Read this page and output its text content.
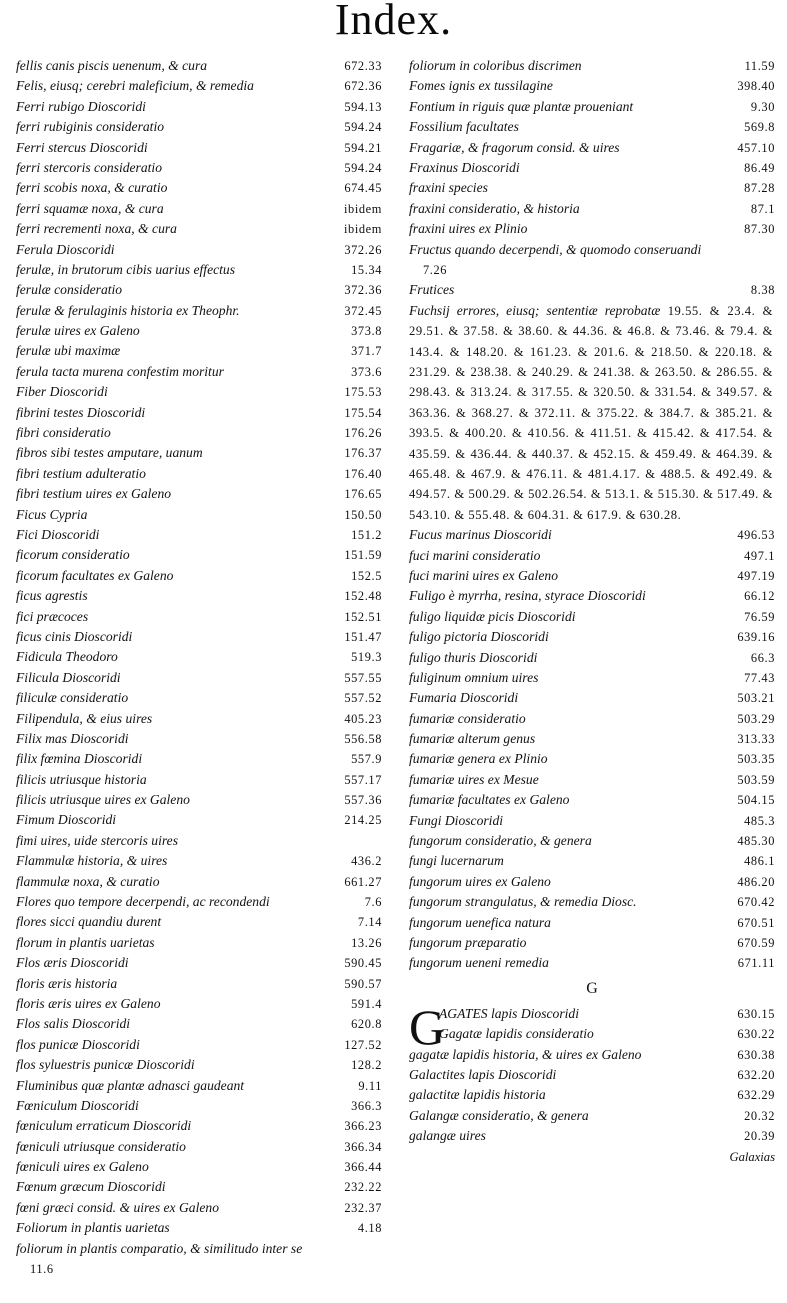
Index.
fellis canis piscis uenenum, & cura	672.33
Felis, eiusq; cerebri maleficium, & remedia	672.36
Ferri rubigo Dioscoridi	594.13
ferri rubiginis consideratio	594.24
Ferri stercus Dioscoridi	594.21
ferri stercoris consideratio	594.24
ferri scobis noxa, & curatio	674.45
ferri squamæ noxa, & cura	ibidem
ferri recrementi noxa, & cura	ibidem
Ferula Dioscoridi	372.26
ferulæ, in brutorum cibis uarius effectus	15.34
ferulæ consideratio	372.36
ferulæ & ferulaginis historia ex Theophr.	372.45
ferulæ uires ex Galeno	373.8
ferulæ ubi maximæ	371.7
ferula tacta murena confestim moritur	373.6
Fiber Dioscoridi	175.53
fibrini testes Dioscoridi	175.54
fibri consideratio	176.26
fibros sibi testes amputare, uanum	176.37
fibri testium adulteratio	176.40
fibri testium uires ex Galeno	176.65
Ficus Cypria	150.50
Fici Dioscoridi	151.2
ficorum consideratio	151.59
ficorum facultates ex Galeno	152.5
ficus agrestis	152.48
fici præcoces	152.51
ficus cinis Dioscoridi	151.47
Fidicula Theodoro	519.3
Filicula Dioscoridi	557.55
filiculæ consideratio	557.52
Filipendula, & eius uires	405.23
Filix mas Dioscoridi	556.58
filix fœmina Dioscoridi	557.9
filicis utriusque historia	557.17
filicis utriusque uires ex Galeno	557.36
Fimum Dioscoridi	214.25
fimi uires, uide stercoris uires
Flammulæ historia, & uires	436.2
flammulæ noxa, & curatio	661.27
Flores quo tempore decerpendi, ac recondendi	7.6
flores sicci quandiu durent	7.14
florum in plantis uarietas	13.26
Flos æris Dioscoridi	590.45
floris æris historia	590.57
floris æris uires ex Galeno	591.4
Flos salis Dioscoridi	620.8
flos punicæ Dioscoridi	127.52
flos syluestris punicæ Dioscoridi	128.2
Fluminibus quæ plantæ adnasci gaudeant	9.11
Fœniculum Dioscoridi	366.3
fœniculum erraticum Dioscoridi	366.23
fœniculi utriusque consideratio	366.34
fœniculi uires ex Galeno	366.44
Fœnum græcum Dioscoridi	232.22
fœni græci consid. & uires ex Galeno	232.37
Foliorum in plantis uarietas	4.18
foliorum in plantis comparatio, & similitudo inter se
11.6
foliorum in coloribus discrimen	11.59
Fomes ignis ex tussilagine	398.40
Fontium in riguis quæ plantæ proueniant	9.30
Fossilium facultates	569.8
Fragariæ, & fragorum consid. & uires	457.10
Fraxinus Dioscoridi	86.49
fraxini species	87.28
fraxini consideratio, & historia	87.1
fraxini uires ex Plinio	87.30
Fructus quando decerpendi, & quomodo conseruandi
7.26
Frutices	8.38
Fuchsij errores, eiusq; sententiæ reprobatæ 19.55. & 23.4. & 29.51. & 37.58. & 38.60. & 44.36. & 46.8. & 73.46. & 79.4. & 143.4. & 148.20. & 161.23. & 201.6. & 218.50. & 220.18. & 231.29. & 238.38. & 240.29. & 241.38. & 263.50. & 286.55. & 298.43. & 313.24. & 317.55. & 320.50. & 331.54. & 349.57. & 363.36. & 368.27. & 372.11. & 375.22. & 384.7. & 385.21. & 393.5. & 400.20. & 410.56. & 411.51. & 415.42. & 417.54. & 435.59. & 436.44. & 440.37. & 452.15. & 459.49. & 464.39. & 465.48. & 467.9. & 476.11. & 481.4.17. & 488.5. & 492.49. & 494.57. & 500.29. & 502.26.54. & 513.1. & 515.30. & 517.49. & 543.10. & 555.48. & 604.31. & 617.9. & 630.28.
Fucus marinus Dioscoridi	496.53
fuci marini consideratio	497.1
fuci marini uires ex Galeno	497.19
Fuligo è myrrha, resina, styrace Dioscoridi	66.12
fuligo liquidæ picis Dioscoridi	76.59
fuligo pictoria Dioscoridi	639.16
fuligo thuris Dioscoridi	66.3
fuliginum omnium uires	77.43
Fumaria Dioscoridi	503.21
fumariæ consideratio	503.29
fumariæ alterum genus	313.33
fumariæ genera ex Plinio	503.35
fumariæ uires ex Mesue	503.59
fumariæ facultates ex Galeno	504.15
Fungi Dioscoridi	485.3
fungorum consideratio, & genera	485.30
fungi lucernarum	486.1
fungorum uires ex Galeno	486.20
fungorum strangulatus, & remedia Diosc.	670.42
fungorum uenefica natura	670.51
fungorum præparatio	670.59
fungorum ueneni remedia	671.11
G
G
AGATES lapis Dioscoridi	630.15
Gagatæ lapidis consideratio	630.22
gagatæ lapidis historia, & uires ex Galeno	630.38
Galactites lapis Dioscoridi	632.20
galactitæ lapidis historia	632.29
Galangæ consideratio, & genera	20.32
galangæ uires	20.39
Galaxias
